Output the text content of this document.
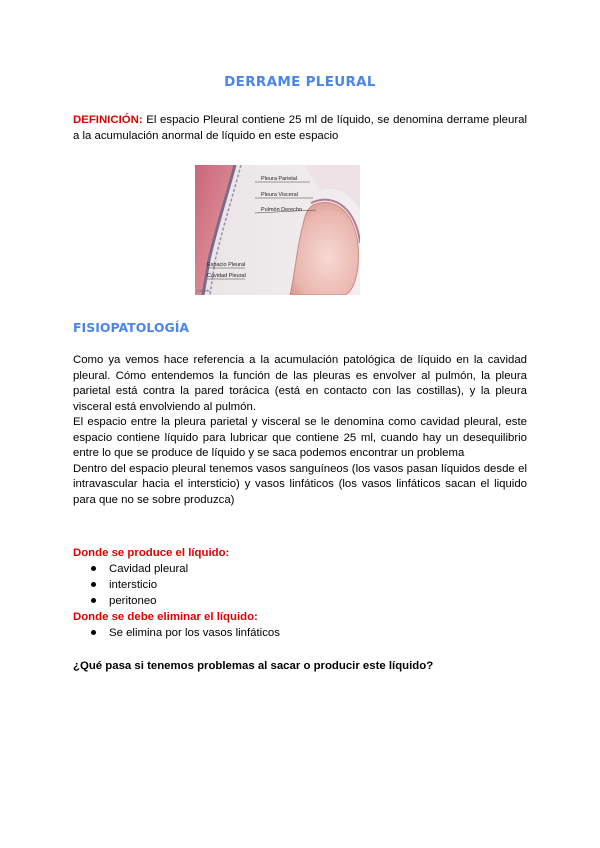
DERRAME PLEURAL
DEFINICIÓN: El espacio Pleural contiene 25 ml de líquido, se denomina derrame pleural a la acumulación anormal de líquido en este espacio
Pleura Parietal
Pleura Visceral
Pulmón Derecho
Espacio Pleural
Cavidad Pleural
©ADAM
FISIOPATOLOGÍA

Como ya vemos hace referencia a la acumulación patológica de líquido en la cavidad pleural. Cómo entendemos la función de las pleuras es envolver al pulmón, la pleura parietal está contra la pared torácica (está en contacto con las costillas), y la pleura visceral está envolviendo al pulmón.

El espacio entre la pleura parietal y visceral se le denomina como cavidad pleural, este espacio contiene líquido para lubricar que contiene 25 ml, cuando hay un desequilibrio entre lo que se produce de líquido y se saca podemos encontrar un problema

Dentro del espacio pleural tenemos vasos sanguíneos (los vasos pasan líquidos desde el intravascular hacia el intersticio) y vasos linfáticos (los vasos linfáticos sacan el liquido para que no se sobre produzca)

Donde se produce el líquido:
Cavidad pleural
intersticio
peritoneo
Donde se debe eliminar el líquido:
Se elimina por los vasos linfáticos
¿Qué pasa si tenemos problemas al sacar o producir este líquido?
